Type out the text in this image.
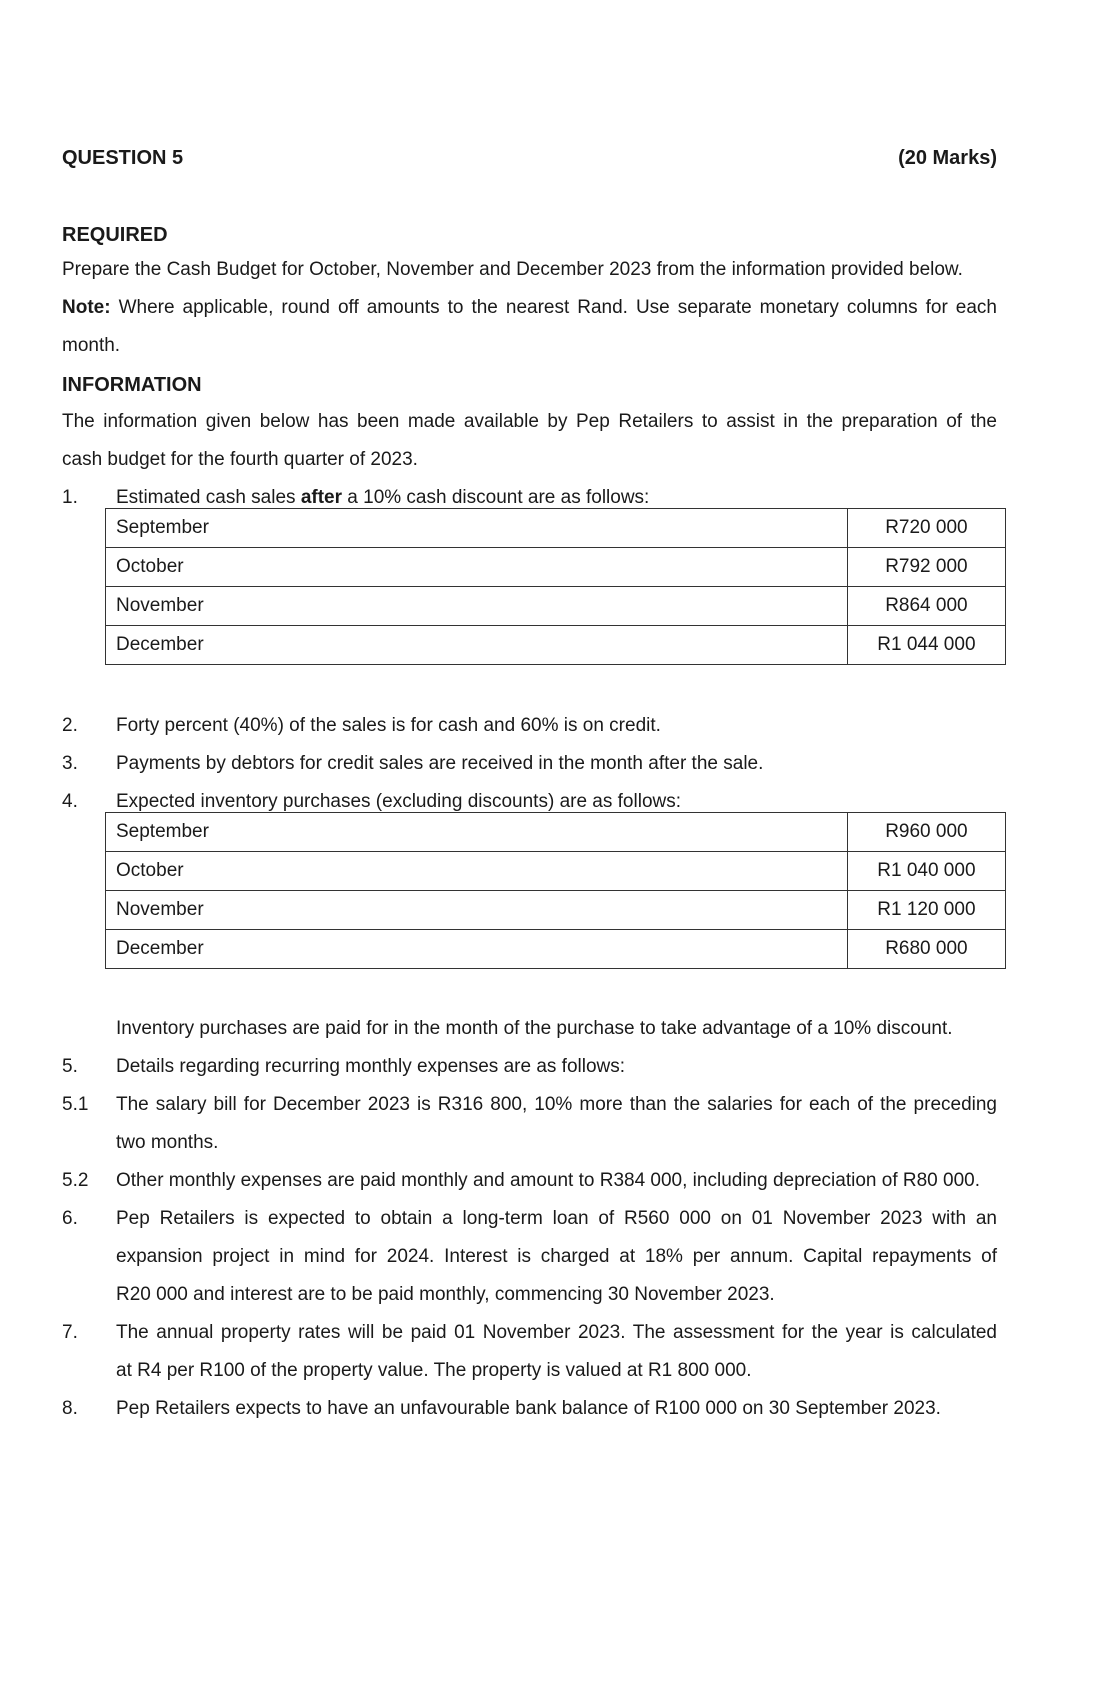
QUESTION 5	(20 Marks)
REQUIRED
Prepare the Cash Budget for October, November and December 2023 from the information provided below.
Note: Where applicable, round off amounts to the nearest Rand. Use separate monetary columns for each
month.
INFORMATION
The information given below has been made available by Pep Retailers to assist in the preparation of the
cash budget for the fourth quarter of 2023.
1.	Estimated cash sales after a 10% cash discount are as follows:
September	R720 000
October	R792 000
November	R864 000
December	R1 044 000
2.	Forty percent (40%) of the sales is for cash and 60% is on credit.
3.	Payments by debtors for credit sales are received in the month after the sale.
4.	Expected inventory purchases (excluding discounts) are as follows:
September	R960 000
October	R1 040 000
November	R1 120 000
December	R680 000
Inventory purchases are paid for in the month of the purchase to take advantage of a 10% discount.
5.	Details regarding recurring monthly expenses are as follows:
5.1	The salary bill for December 2023 is R316 800, 10% more than the salaries for each of the preceding
two months.
5.2	Other monthly expenses are paid monthly and amount to R384 000, including depreciation of R80 000.
6.	Pep Retailers is expected to obtain a long-term loan of R560 000 on 01 November 2023 with an
expansion project in mind for 2024. Interest is charged at 18% per annum. Capital repayments of
R20 000 and interest are to be paid monthly, commencing 30 November 2023.
7.	The annual property rates will be paid 01 November 2023. The assessment for the year is calculated
at R4 per R100 of the property value. The property is valued at R1 800 000.
8.	Pep Retailers expects to have an unfavourable bank balance of R100 000 on 30 September 2023.
